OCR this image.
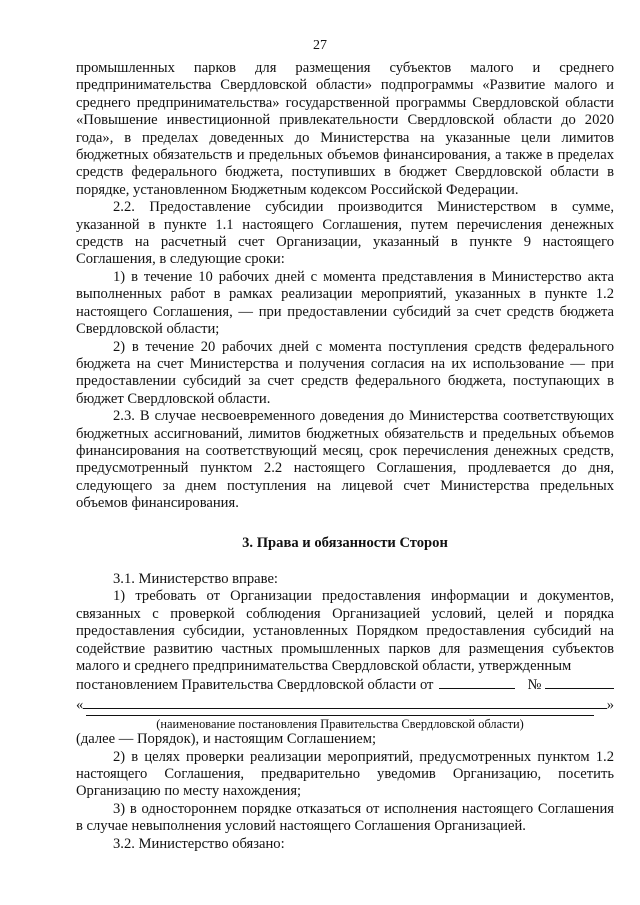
27

промышленных парков для размещения субъектов малого и среднего предпринимательства Свердловской области» подпрограммы «Развитие малого и среднего предпринимательства» государственной программы Свердловской области «Повышение инвестиционной привлекательности Свердловской области до 2020 года», в пределах доведенных до Министерства на указанные цели лимитов бюджетных обязательств и предельных объемов финансирования, а также в пределах средств федерального бюджета, поступивших в бюджет Свердловской области в порядке, установленном Бюджетным кодексом Российской Федерации.

2.2. Предоставление субсидии производится Министерством в сумме, указанной в пункте 1.1 настоящего Соглашения, путем перечисления денежных средств на расчетный счет Организации, указанный в пункте 9 настоящего Соглашения, в следующие сроки:

1) в течение 10 рабочих дней с момента представления в Министерство акта выполненных работ в рамках реализации мероприятий, указанных в пункте 1.2 настоящего Соглашения, — при предоставлении субсидий за счет средств бюджета Свердловской области;

2) в течение 20 рабочих дней с момента поступления средств федерального бюджета на счет Министерства и получения согласия на их использование — при предоставлении субсидий за счет средств федерального бюджета, поступающих в бюджет Свердловской области.

2.3. В случае несвоевременного доведения до Министерства соответствующих бюджетных ассигнований, лимитов бюджетных обязательств и предельных объемов финансирования на соответствующий месяц, срок перечисления денежных средств, предусмотренный пунктом 2.2 настоящего Соглашения, продлевается до дня, следующего за днем поступления на лицевой счет Министерства предельных объемов финансирования.

3. Права и обязанности Сторон

3.1. Министерство вправе:

1) требовать от Организации предоставления информации и документов, связанных с проверкой соблюдения Организацией условий, целей и порядка предоставления субсидии, установленных Порядком предоставления субсидий на содействие развитию частных промышленных парков для размещения субъектов малого и среднего предпринимательства Свердловской области, утвержденным

постановлением Правительства Свердловской области от	№
«	»
(наименование постановления Правительства Свердловской области)

(далее — Порядок), и настоящим Соглашением;

2) в целях проверки реализации мероприятий, предусмотренных пунктом 1.2 настоящего Соглашения, предварительно уведомив Организацию, посетить Организацию по месту нахождения;

3) в одностороннем порядке отказаться от исполнения настоящего Соглашения в случае невыполнения условий настоящего Соглашения Организацией.

3.2. Министерство обязано:
